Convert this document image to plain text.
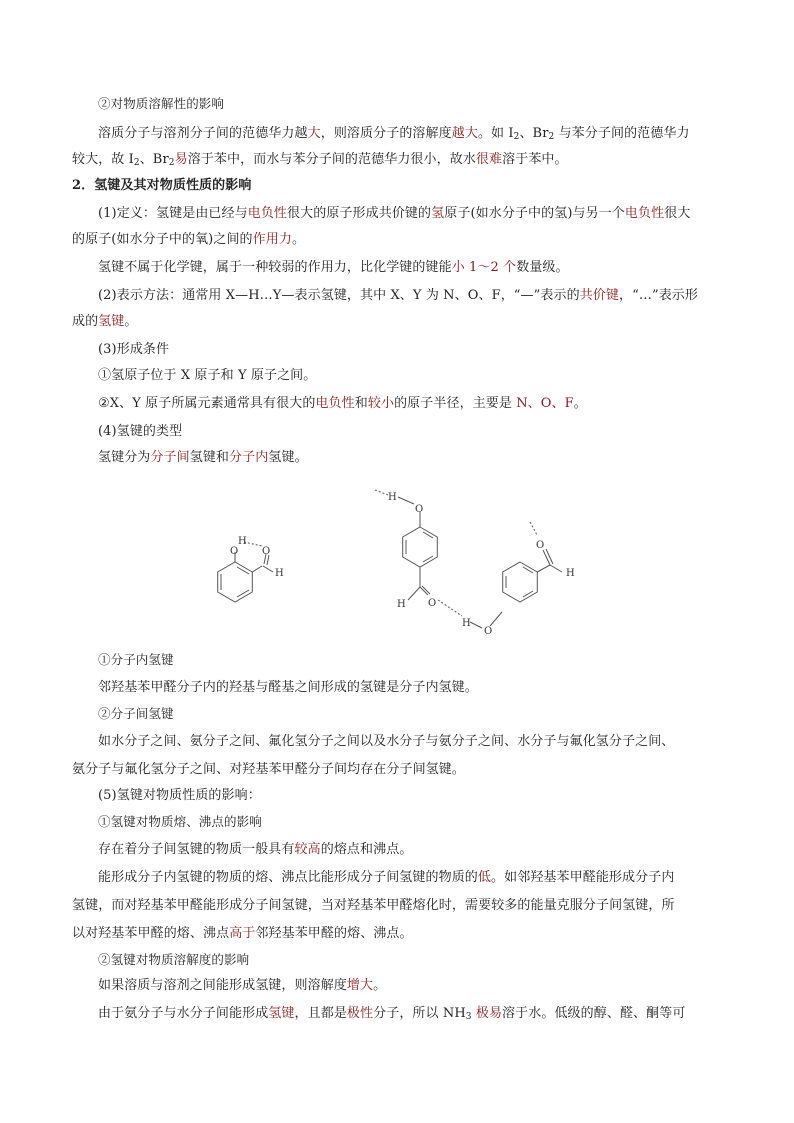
②对物质溶解性的影响
溶质分子与溶剂分子间的范德华力越大，则溶质分子的溶解度越大。如 $I_2$、$Br_2$ 与苯分子间的范德华力
较大，故 $I_2$、$Br_2$易溶于苯中，而水与苯分子间的范德华力很小，故水很难溶于苯中。
2．氢键及其对物质性质的影响
(1)定义：氢键是由已经与电负性很大的原子形成共价键的氢原子(如水分子中的氢)与另一个电负性很大
的原子(如水分子中的氧)之间的作用力。
氢键不属于化学键，属于一种较弱的作用力，比化学键的键能小 1～2 个数量级。
(2)表示方法：通常用 X—H…Y—表示氢键，其中 X、Y 为 N、O、F，“—”表示的共价键，“…”表示形
成的氢键。
(3)形成条件
①氢原子位于 X 原子和 Y 原子之间。
②X、Y 原子所属元素通常具有很大的电负性和较小的原子半径，主要是 N、O、F。
(4)氢键的类型
氢键分为分子间氢键和分子内氢键。
H
O O
H
H
O
H O
H
O
O
H
①分子内氢键
邻羟基苯甲醛分子内的羟基与醛基之间形成的氢键是分子内氢键。
②分子间氢键
如水分子之间、氨分子之间、氟化氢分子之间以及水分子与氨分子之间、水分子与氟化氢分子之间、
氨分子与氟化氢分子之间、对羟基苯甲醛分子间均存在分子间氢键。
(5)氢键对物质性质的影响：
①氢键对物质熔、沸点的影响
存在着分子间氢键的物质一般具有较高的熔点和沸点。
能形成分子内氢键的物质的熔、沸点比能形成分子间氢键的物质的低。如邻羟基苯甲醛能形成分子内
氢键，而对羟基苯甲醛能形成分子间氢键，当对羟基苯甲醛熔化时，需要较多的能量克服分子间氢键，所
以对羟基苯甲醛的熔、沸点高于邻羟基苯甲醛的熔、沸点。
②氢键对物质溶解度的影响
如果溶质与溶剂之间能形成氢键，则溶解度增大。
由于氨分子与水分子间能形成氢键，且都是极性分子，所以 $NH_3$ 极易溶于水。低级的醇、醛、酮等可
